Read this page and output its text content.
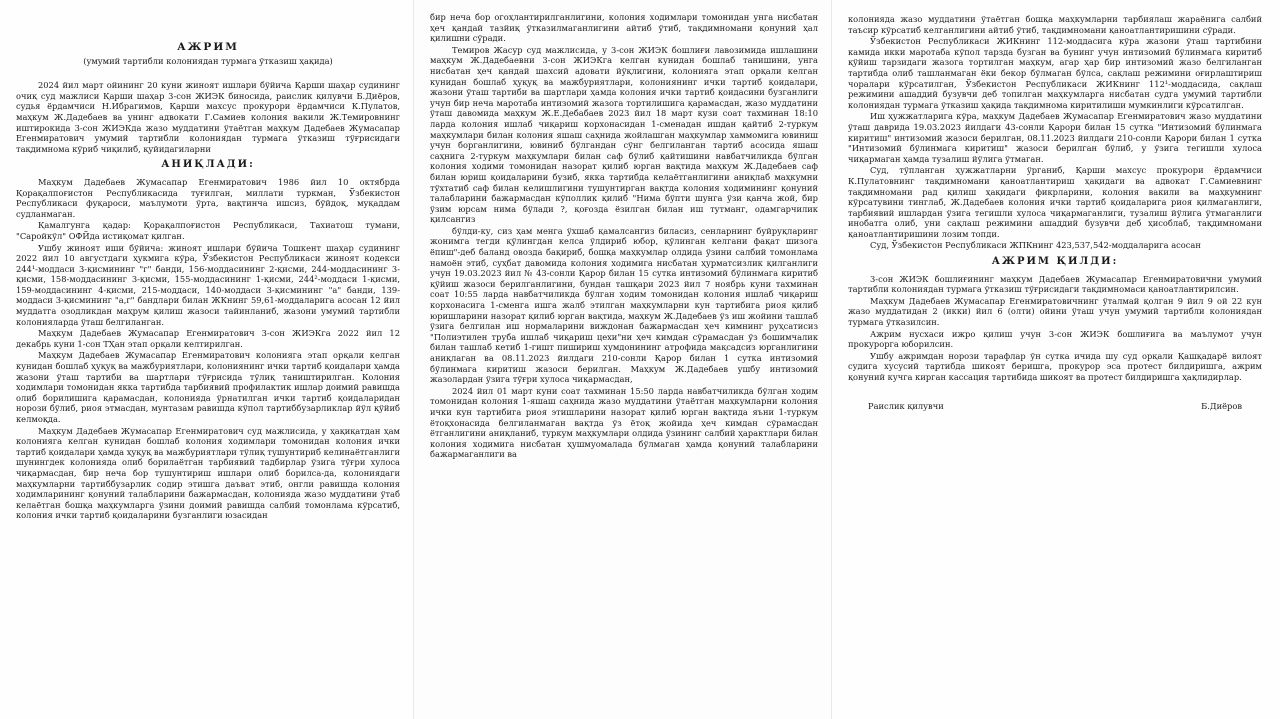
АЖРИМ
(умумий тартибли колониядан турмага ўтказиш ҳақида)

2024 йил март ойининг 20 куни жиноят ишлари бўйича Қарши шаҳар судининг очиқ суд мажлиси Қарши шаҳар 3-сон ЖИЭК биносида, раислик қилувчи Б.Диёров, судья ёрдамчиси Н.Ибрагимов, Қарши махсус прокурори ёрдамчиси К.Пулатов, маҳкум Ж.Дадебаев ва унинг адвокати Г.Самиев колония вакили Ж.Темировнинг иштирокида 3-сон ЖИЭКда жазо муддатини ўтаётган маҳкум Дадебаев Жумасапар Егенмиратович умумий тартибли колониядан турмага ўтказиш тўғрисидаги тақдимнома кўриб чиқилиб, қуйидагиларни

АНИҚЛАДИ:

Маҳкум Дадебаев Жумасапар Егенмиратович 1986 йил 10 октябрда Қорақалпоғистон Республикасида туғилган, миллати туркман, Ўзбекистон Республикаси фуқароси, маълумоти ўрта, вақтинча ишсиз, бўйдоқ, муқаддам судланмаган.

Қамалгунга қадар: Қорақалпоғистон Республикаси, Тахиатош тумани, "Саройкўл" ОФЙда истиқомат қилган.

Ушбу жиноят иши бўйича: жиноят ишлари бўйича Тошкент шаҳар судининг 2022 йил 10 августдаги ҳукмига кўра, Ўзбекистон Республикаси жиноят кодекси 244¹-моддаси 3-қисмининг "г" банди, 156-моддасининг 2-қисми, 244-моддасининг 3-қисми, 158-моддасининг 3-қисми, 155-моддасининг 1-қисми, 244²-моддаси 1-қисми, 159-моддасининг 4-қисми, 215-моддаси, 140-моддаси 3-қисмининг "а" банди, 139-моддаси 3-қисмининг "а,г" бандлари билан ЖКнинг 59,61-моддаларига асосан 12 йил муддатга озодликдан маҳрум қилиш жазоси тайинланиб, жазони умумий тартибли колонияларда ўташ белгиланган.

Маҳкум Дадебаев Жумасапар Егенмиратович 3-сон ЖИЭКга 2022 йил 12 декабрь куни 1-сон ТҲан этап орқали келтирилган.

Маҳкум Дадебаев Жумасапар Егенмиратович колонияга этап орқали келган кунидан бошлаб ҳуқуқ ва мажбуриятлари, колониянинг ички тартиб қоидалари ҳамда жазони ўташ тартиби ва шартлари тўғрисида тўлиқ таништирилган. Колония ходимлари томонидан якка тартибда тарбиявий профилактик ишлар доимий равишда олиб борилишига қарамасдан, колонияда ўрнатилган ички тартиб қоидаларидан норози бўлиб, риоя этмасдан, мунтазам равишда кўпол тартиббузарликлар йўл қўйиб келмоқда.

Маҳкум Дадебаев Жумасапар Егенмиратович суд мажлисида, у ҳақиқатдан ҳам колонияга келган кунидан бошлаб колония ходимлари томонидан колония ички тартиб қоидалари ҳамда ҳуқуқ ва мажбуриятлари тўлиқ тушунтириб келинаётганлиги шунингдек колонияда олиб борилаётган тарбиявий тадбирлар ўзига тўғри хулоса чиқармасдан, бир неча бор тушунтириш ишлари олиб борилса-да, колониядаги маҳкумларни тартиббузарлик содир этишга даъват этиб, онгли равишда колония ходимларининг қонуний талабларини бажармасдан, колонияда жазо муддатини ўтаб келаётган бошқа маҳкумларга ўзини доимий равишда салбий томонлама кўрсатиб, колония ички тартиб қоидаларини бузганлиги юзасидан

бир неча бор огоҳлантирилганлигини, колония ходимлари томонидан унга нисбатан ҳеч қандай тазйиқ ўтказилмаганлигини айтиб ўтиб, тақдимномани қонуний ҳал қилишни сўради.

Темиров Жасур суд мажлисида, у 3-сон ЖИЭК бошлиғи лавозимида ишлашини маҳкум Ж.Дадебаевни 3-сон ЖИЭКга келган кунидан бошлаб танишини, унга нисбатан ҳеч қандай шахсий адовати йўқлигини, колонияга этап орқали келган кунидан бошлаб ҳуқуқ ва мажбуриятлари, колониянинг ички тартиб қоидалари, жазони ўташ тартиби ва шартлари ҳамда колония ички тартиб қоидасини бузганлиги учун бир неча маротаба интизомий жазога тортилишига қарамасдан, жазо муддатини ўташ давомида маҳкум Ж.Е.Дебабаев 2023 йил 18 март кузи соат тахминан 18:10 ларда колония ишлаб чиқариш корхонасидан 1-сменадан ишдан қайтиб 2-туркум маҳкумлари билан колония яшаш саҳнида жойлашган маҳкумлар хаммомига ювиниш учун борганлигини, ювиниб бўлгандан сўнг белгиланган тартиб асосида яшаш саҳнига 2-туркум маҳкумлари билан саф бўлиб қайтишини навбатчиликда бўлган колония ходими томонидан назорат қилиб юрган вақтида маҳкум Ж.Дадебаев саф билан юриш қоидаларини бузиб, якка тартибда келаётганлигини аниқлаб маҳкумни тўхтатиб саф билан келишлигини тушунтирган вақтда колония ходимининг қонуний талабларини бажармасдан кўполлик қилиб "Нима бўпти шунга ўзи қанча жой, бир ўзим юрсам нима бўлади ?, қоғозда ёзилган билан иш тутманг, одамгарчилик қилсангиз

бўлди-ку, сиз ҳам менга ўхшаб қамалсангиз биласиз, сенларнинг буйруқларинг жонимга тегди қўлингдан келса ўлдириб юбор, қўлинган келгани фақат шизога ёпиш"-деб баланд овозда бақириб, бошқа маҳкумлар олдида ўзини салбий томонлама намоён этиб, суҳбат давомида колония ходимига нисбатан ҳурматсизлик қилганлиги учун 19.03.2023 йил № 43-сонли Қарор билан 15 сутка интизомий бўлинмага киритиб қўйиш жазоси берилганлигини, бундан ташқари 2023 йил 7 ноябрь куни тахминан соат 10:55 ларда навбатчиликда бўлган ходим томонидан колония ишлаб чиқариш корхонасига 1-сменга ишга жалб этилган маҳкумларни кун тартибига риоя қилиб юришларини назорат қилиб юрган вақтида, маҳкум Ж.Дадебаев ўз иш жойини ташлаб ўзига белгилан иш нормаларини виждонан бажармасдан ҳеч кимнинг руҳсатисиз "Полиэтилен труба ишлаб чиқариш цехи"ни ҳеч кимдан сўрамасдан ўз бошимчалик билан ташлаб кетиб 1-гишт пишириш хумдонининг атрофида мақсадсиз юрганлигини аниқлаган ва 08.11.2023 йилдаги 210-сонли Қарор билан 1 сутка интизомий бўлинмага киритиш жазоси берилган. Маҳкум Ж.Дадебаев ушбу интизомий жазолардан ўзига тўғри хулоса чиқармасдан,

2024 йил 01 март куни соат тахминан 15:50 ларда навбатчиликда бўлган ходим томонидан колония 1-яшаш саҳнида жазо муддатини ўтаётган маҳкумларни колония ички кун тартибига риоя этишларини назорат қилиб юрган вақтида яъни 1-туркум ётоқхонасида белгиланмаган вақтда ўз ётоқ жойида ҳеч кимдан сўрамасдан ётганлигини аниқланиб, туркум маҳкумлари олдида ўзининг салбий ҳарактлари билан колония ходимига нисбатан ҳушмуомалада бўлмаган ҳамда қонуний талабларини бажармаганлиги ва

колонияда жазо муддатини ўтаётган бошқа маҳкумларни тарбиялаш жараёнига салбий таъсир кўрсатиб келганлигини айтиб ўтиб, тақдимномани қаноатлантиришини сўради.

Ўзбекистон Республикаси ЖИКнинг 112-моддасига кўра жазони ўташ тартибини камида икки маротаба кўпол тарзда бузган ва бунинг учун интизомий бўлинмага киритиб қўйиш тарзидаги жазога тортилган маҳкум, агар ҳар бир интизомий жазо белгиланган тартибда олиб ташланмаган ёки бекор бўлмаган бўлса, сақлаш режимини оғирлаштириш чоралари кўрсатилган, Ўзбекистон Республикаси ЖИКнинг 112¹-моддасида, сақлаш режимини ашаддий бузувчи деб топилган маҳкумларга нисбатан судга умумий тартибли колониядан турмага ўтказиш ҳақида тақдимнома киритилиши мумкинлиги кўрсатилган.

Иш ҳужжатларига кўра, маҳкум Дадебаев Жумасапар Егенмиратович жазо муддатини ўташ даврида 19.03.2023 йилдаги 43-сонли Қарори билан 15 сутка "Интизомий бўлинмага киритиш" интизомий жазоси берилган, 08.11.2023 йилдаги 210-сонли Қарори билан 1 сутка "Интизомий бўлинмага киритиш" жазоси берилган бўлиб, у ўзига тегишли хулоса чиқармаган ҳамда тузалиш йўлига ўтмаган.

Суд, тўпланган ҳужжатларни ўрганиб, Қарши махсус прокурори ёрдамчиси К.Пулатовнинг тақдимномани қаноатлантириш ҳақидаги ва адвокат Г.Самиевнинг тақдимномани рад қилиш ҳақидаги фикрларини, колония вакили ва маҳкумнинг кўрсатувини тинглаб, Ж.Дадебаев колония ички тартиб қоидаларига риоя қилмаганлиги, тарбиявий ишлардан ўзига тегишли хулоса чиқармаганлиги, тузалиш йўлига ўтмаганлиги инобатга олиб, уни сақлаш режимини ашаддий бузувчи деб ҳисоблаб, тақдимномани қаноатлантиришини лозим топди.

Суд, Ўзбекистон Республикаси ЖПКнинг 423,537,542-моддаларига асосан

АЖРИМ ҚИЛДИ:

3-сон ЖИЭК бошлиғининг маҳкум Дадебаев Жумасапар Егенмиратовични умумий тартибли колониядан турмага ўтказиш тўғрисидаги тақдимномаси қаноатлантирилсин.

Маҳкум Дадебаев Жумасапар Егенмиратовичнинг ўталмай қолган 9 йил 9 ой 22 кун жазо муддатидан 2 (икки) йил 6 (олти) ойини ўташ учун умумий тартибли колониядан турмага ўтказилсин.

Ажрим нусхаси ижро қилиш учун 3-сон ЖИЭК бошлиғига ва маълумот учун прокурорга юборилсин.

Ушбу ажримдан норози тарафлар ўн сутка ичида шу суд орқали Қашқадарё вилоят судига хусусий тартибда шикоят беришга, прокурор эса протест билдиришга, ажрим қонуний кучга кирган кассация тартибида шикоят ва протест билдиришга ҳақлидирлар.

Раислик қилувчи	Б.Диёров
